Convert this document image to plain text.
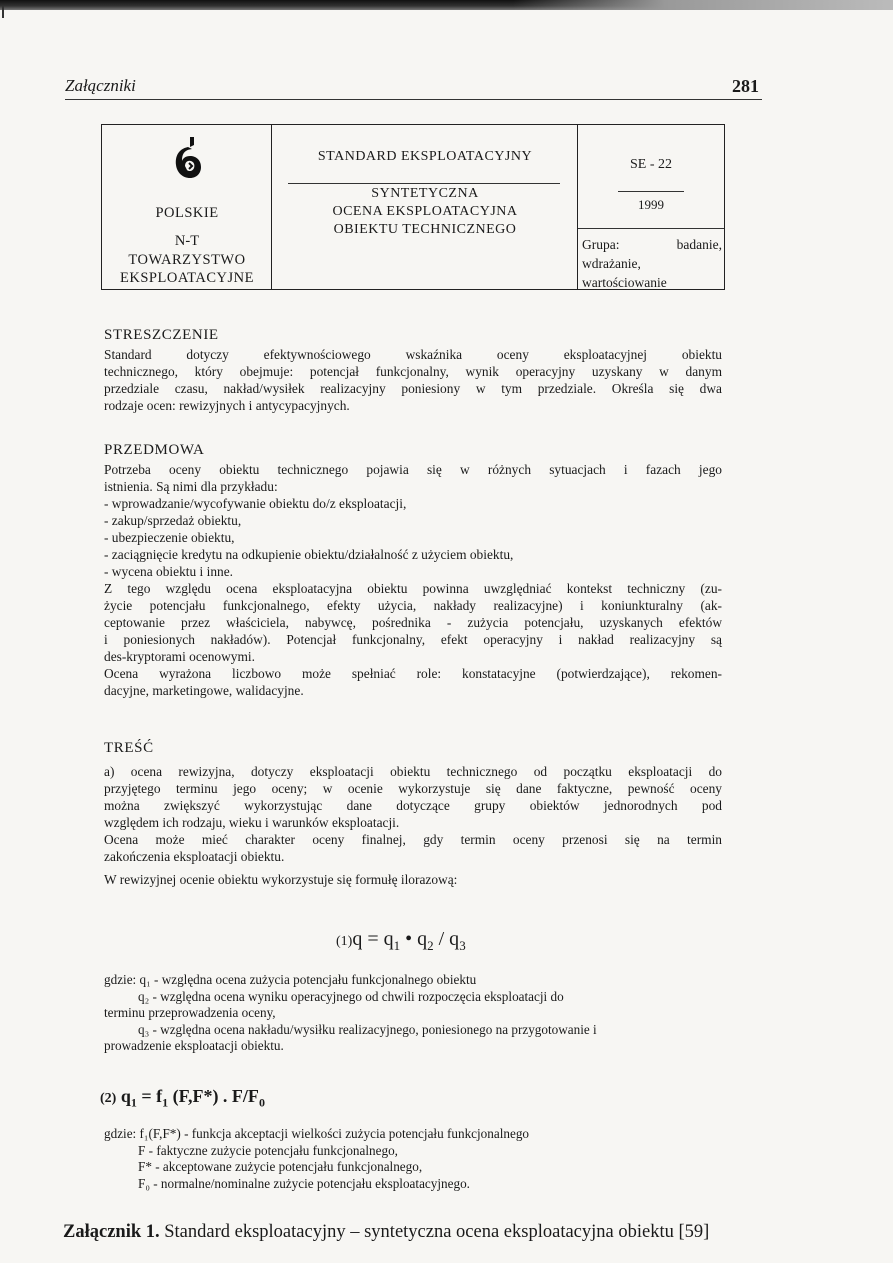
Załączniki	281
POLSKIE
N-T
TOWARZYSTWO
EKSPLOATACYJNE
STANDARD EKSPLOATACYJNY
SYNTETYCZNA
OCENA EKSPLOATACYJNA
OBIEKTU TECHNICZNEGO
SE - 22
1999
Grupa:	badanie,
wdrażanie,
wartościowanie
STRESZCZENIE
Standard dotyczy efektywnościowego wskaźnika oceny eksploatacyjnej obiektu
technicznego, który obejmuje: potencjał funkcjonalny, wynik operacyjny uzyskany w danym
przedziale czasu, nakład/wysiłek realizacyjny poniesiony w tym przedziale. Określa się dwa
rodzaje ocen: rewizyjnych i antycypacyjnych.
PRZEDMOWA
Potrzeba oceny obiektu technicznego pojawia się w różnych sytuacjach i fazach jego
istnienia. Są nimi dla przykładu:
- wprowadzanie/wycofywanie obiektu do/z eksploatacji,
- zakup/sprzedaż obiektu,
- ubezpieczenie obiektu,
- zaciągnięcie kredytu na odkupienie obiektu/działalność z użyciem obiektu,
- wycena obiektu i inne.
Z tego względu ocena eksploatacyjna obiektu powinna uwzględniać kontekst techniczny (zu-
życie potencjału funkcjonalnego, efekty użycia, nakłady realizacyjne) i koniunkturalny (ak-
ceptowanie przez właściciela, nabywcę, pośrednika - zużycia potencjału, uzyskanych efektów
i poniesionych nakładów). Potencjał funkcjonalny, efekt operacyjny i nakład realizacyjny są
des-kryptorami ocenowymi.
Ocena wyrażona liczbowo może spełniać role: konstatacyjne (potwierdzające), rekomen-
dacyjne, marketingowe, walidacyjne.
TREŚĆ
a) ocena rewizyjna, dotyczy eksploatacji obiektu technicznego od początku eksploatacji do
przyjętego terminu jego oceny; w ocenie wykorzystuje się dane faktyczne, pewność oceny
można zwiększyć wykorzystując dane dotyczące grupy obiektów jednorodnych pod
względem ich rodzaju, wieku i warunków eksploatacji.
Ocena może mieć charakter oceny finalnej, gdy termin oceny przenosi się na termin
zakończenia eksploatacji obiektu.
W rewizyjnej ocenie obiektu wykorzystuje się formułę ilorazową:
$(1)q = q_1$ • $q_2 / q_3$
gdzie: q₁ - względna ocena zużycia potencjału funkcjonalnego obiektu
q₂ - względna ocena wyniku operacyjnego od chwili rozpoczęcia eksploatacji do
terminu przeprowadzenia oceny,
q₃ - względna ocena nakładu/wysiłku realizacyjnego, poniesionego na przygotowanie i
prowadzenie eksploatacji obiektu.
(2) $q_1 = f_1$ (F,F*) . $F/F_0$
gdzie: f₁(F,F*) - funkcja akceptacji wielkości zużycia potencjału funkcjonalnego
F - faktyczne zużycie potencjału funkcjonalnego,
F* - akceptowane zużycie potencjału funkcjonalnego,
F₀ - normalne/nominalne zużycie potencjału eksploatacyjnego.
Załącznik 1. Standard eksploatacyjny – syntetyczna ocena eksploatacyjna obiektu [59]
